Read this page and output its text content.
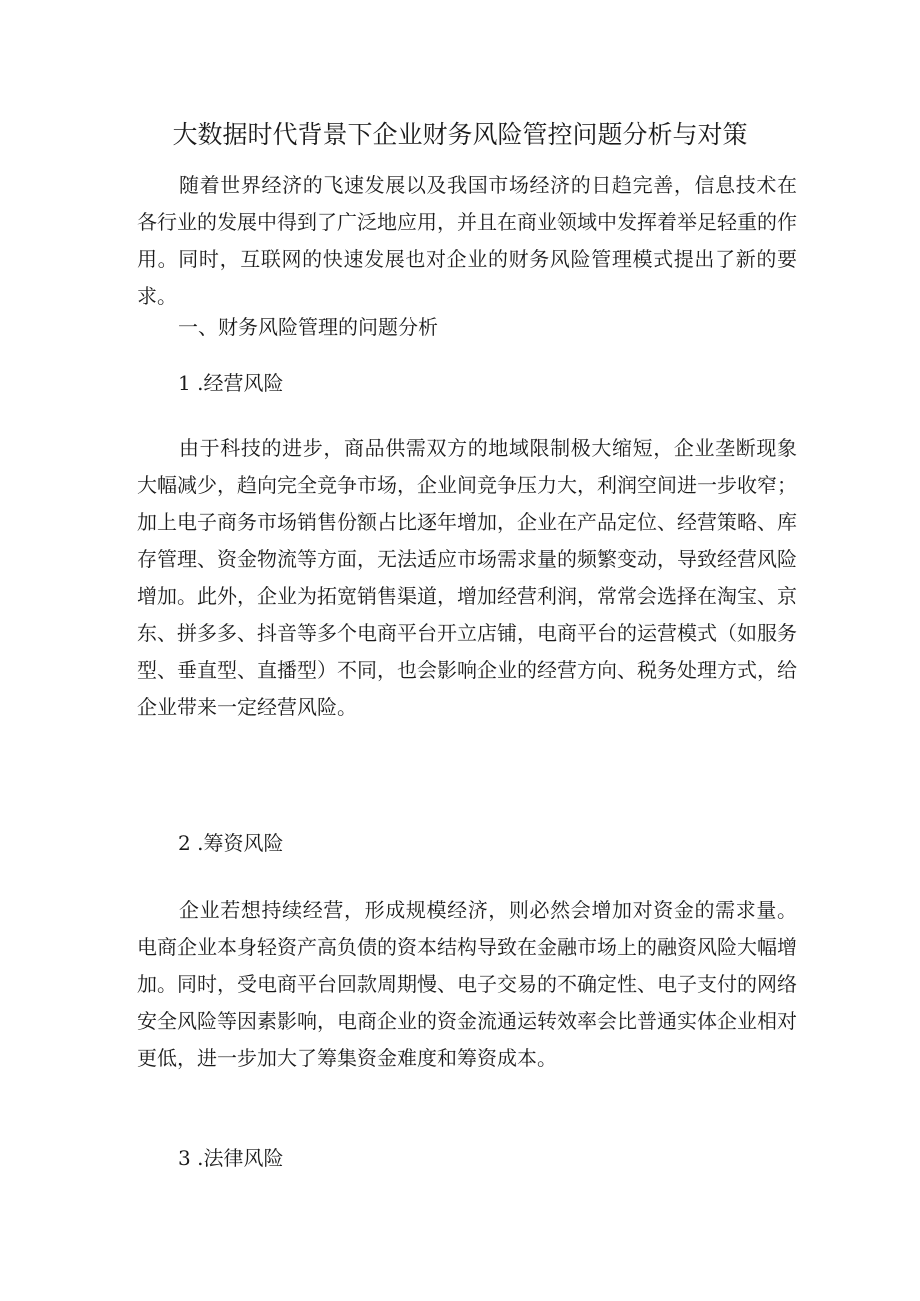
大数据时代背景下企业财务风险管控问题分析与对策

随着世界经济的飞速发展以及我国市场经济的日趋完善，信息技术在各行业的发展中得到了广泛地应用，并且在商业领域中发挥着举足轻重的作用。同时，互联网的快速发展也对企业的财务风险管理模式提出了新的要求。

一、财务风险管理的问题分析

1 .经营风险

由于科技的进步，商品供需双方的地域限制极大缩短，企业垄断现象大幅减少，趋向完全竞争市场，企业间竞争压力大，利润空间进一步收窄；加上电子商务市场销售份额占比逐年增加，企业在产品定位、经营策略、库存管理、资金物流等方面，无法适应市场需求量的频繁变动，导致经营风险增加。此外，企业为拓宽销售渠道，增加经营利润，常常会选择在淘宝、京东、拼多多、抖音等多个电商平台开立店铺，电商平台的运营模式（如服务型、垂直型、直播型）不同，也会影响企业的经营方向、税务处理方式，给企业带来一定经营风险。

2 .筹资风险

企业若想持续经营，形成规模经济，则必然会增加对资金的需求量。电商企业本身轻资产高负债的资本结构导致在金融市场上的融资风险大幅增加。同时，受电商平台回款周期慢、电子交易的不确定性、电子支付的网络安全风险等因素影响，电商企业的资金流通运转效率会比普通实体企业相对更低，进一步加大了筹集资金难度和筹资成本。

3 .法律风险
